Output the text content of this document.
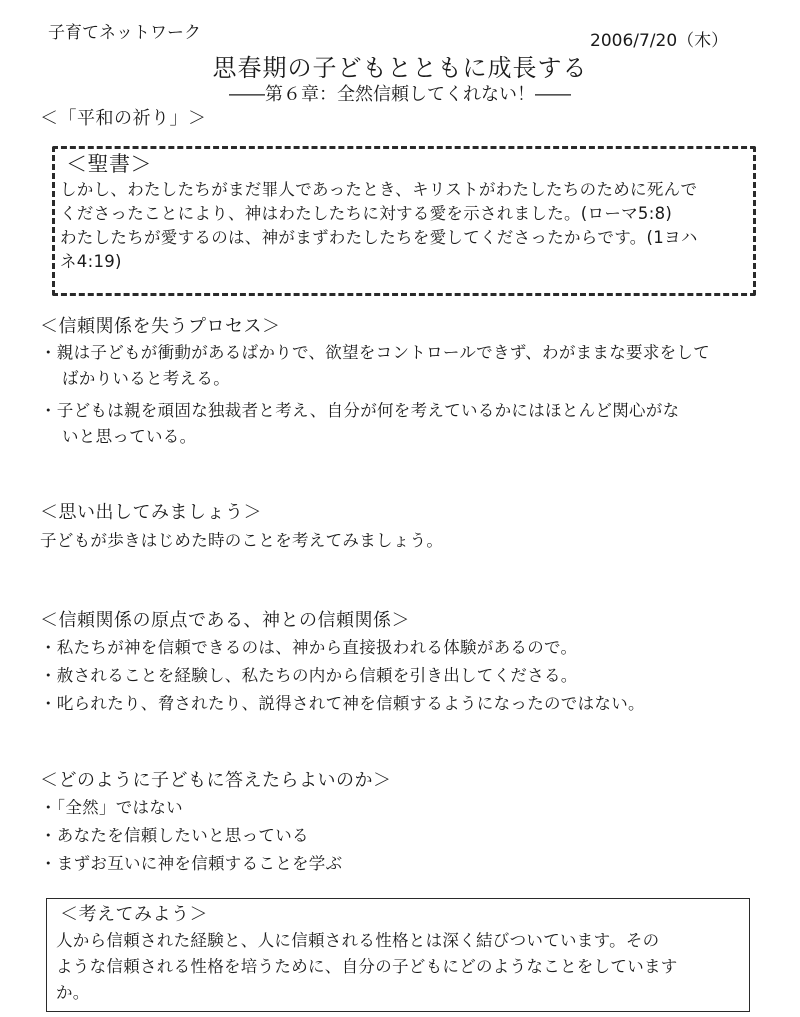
子育てネットワーク	2006/7/20（木）
思春期の子どもとともに成長する
――第６章：全然信頼してくれない！――
＜「平和の祈り」＞
＜聖書＞
しかし、わたしたちがまだ罪人であったとき、キリストがわたしたちのために死んで
くださったことにより、神はわたしたちに対する愛を示されました。(ローマ5:8)
わたしたちが愛するのは、神がまずわたしたちを愛してくださったからです。(1ヨハ
ネ4:19)
＜信頼関係を失うプロセス＞
・親は子どもが衝動があるばかりで、欲望をコントロールできず、わがままな要求をして
ばかりいると考える。
・子どもは親を頑固な独裁者と考え、自分が何を考えているかにはほとんど関心がな
いと思っている。
＜思い出してみましょう＞
子どもが歩きはじめた時のことを考えてみましょう。
＜信頼関係の原点である、神との信頼関係＞
・私たちが神を信頼できるのは、神から直接扱われる体験があるので。
・赦されることを経験し、私たちの内から信頼を引き出してくださる。
・叱られたり、脅されたり、説得されて神を信頼するようになったのではない。
＜どのように子どもに答えたらよいのか＞
・「全然」ではない
・あなたを信頼したいと思っている
・まずお互いに神を信頼することを学ぶ
＜考えてみよう＞
人から信頼された経験と、人に信頼される性格とは深く結びついています。その
ような信頼される性格を培うために、自分の子どもにどのようなことをしています
か。
